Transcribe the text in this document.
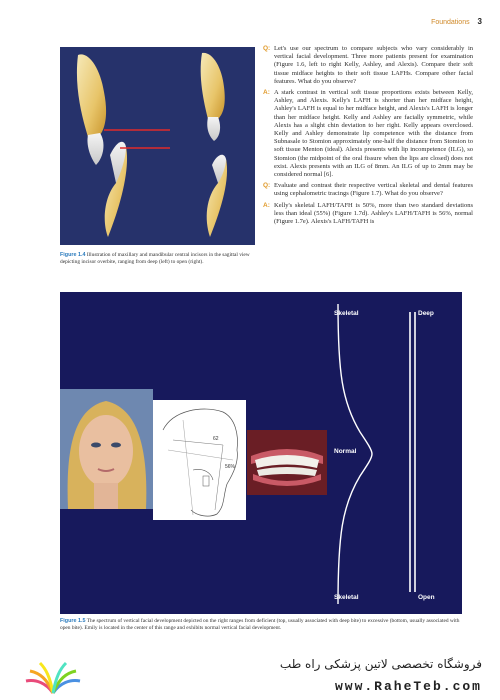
Foundations 3
Figure 1.4 Illustration of maxillary and mandibular central incisors in the sagittal view depicting incisor overbite, ranging from deep (left) to open (right).
Q: Let's use our spectrum to compare subjects who vary considerably in vertical facial development. Three more patients present for examination (Figure 1.6, left to right Kelly, Ashley, and Alexis). Compare their soft tissue midface heights to their soft tissue LAFHs. Compare other facial features. What do you observe?
A: A stark contrast in vertical soft tissue proportions exists between Kelly, Ashley, and Alexis. Kelly's LAFH is shorter than her midface height, Ashley's LAFH is equal to her midface height, and Alexis's LAFH is longer than her midface height. Kelly and Ashley are facially symmetric, while Alexis has a slight chin deviation to her right. Kelly appears overclosed. Kelly and Ashley demonstrate lip competence with the distance from Subnasale to Stomion approximately one-half the distance from Stomion to soft tissue Menton (ideal). Alexis presents with lip incompetence (ILG), so Stomion (the midpoint of the oral fissure when the lips are closed) does not exist. Alexis presents with an ILG of 8mm. An ILG of up to 2mm may be considered normal [6].
Q: Evaluate and contrast their respective vertical skeletal and dental features using cephalometric tracings (Figure 1.7). What do you observe?
A: Kelly's skeletal LAFH/TAFH is 50%, more than two standard deviations less than ideal (55%) (Figure 1.7d). Ashley's LAFH/TAFH is 56%, normal (Figure 1.7e). Alexis's LAFH/TAFH is
62
56%
Skeletal	Deep
Normal
Skeletal	Open
Figure 1.5 The spectrum of vertical facial development depicted on the right ranges from deficient (top, usually associated with deep bite) to excessive (bottom, usually associated with open bite). Emily is located in the center of this range and exhibits normal vertical facial development.
فروشگاه تخصصی لاتین پزشکی راه طب
www.RaheTeb.com
